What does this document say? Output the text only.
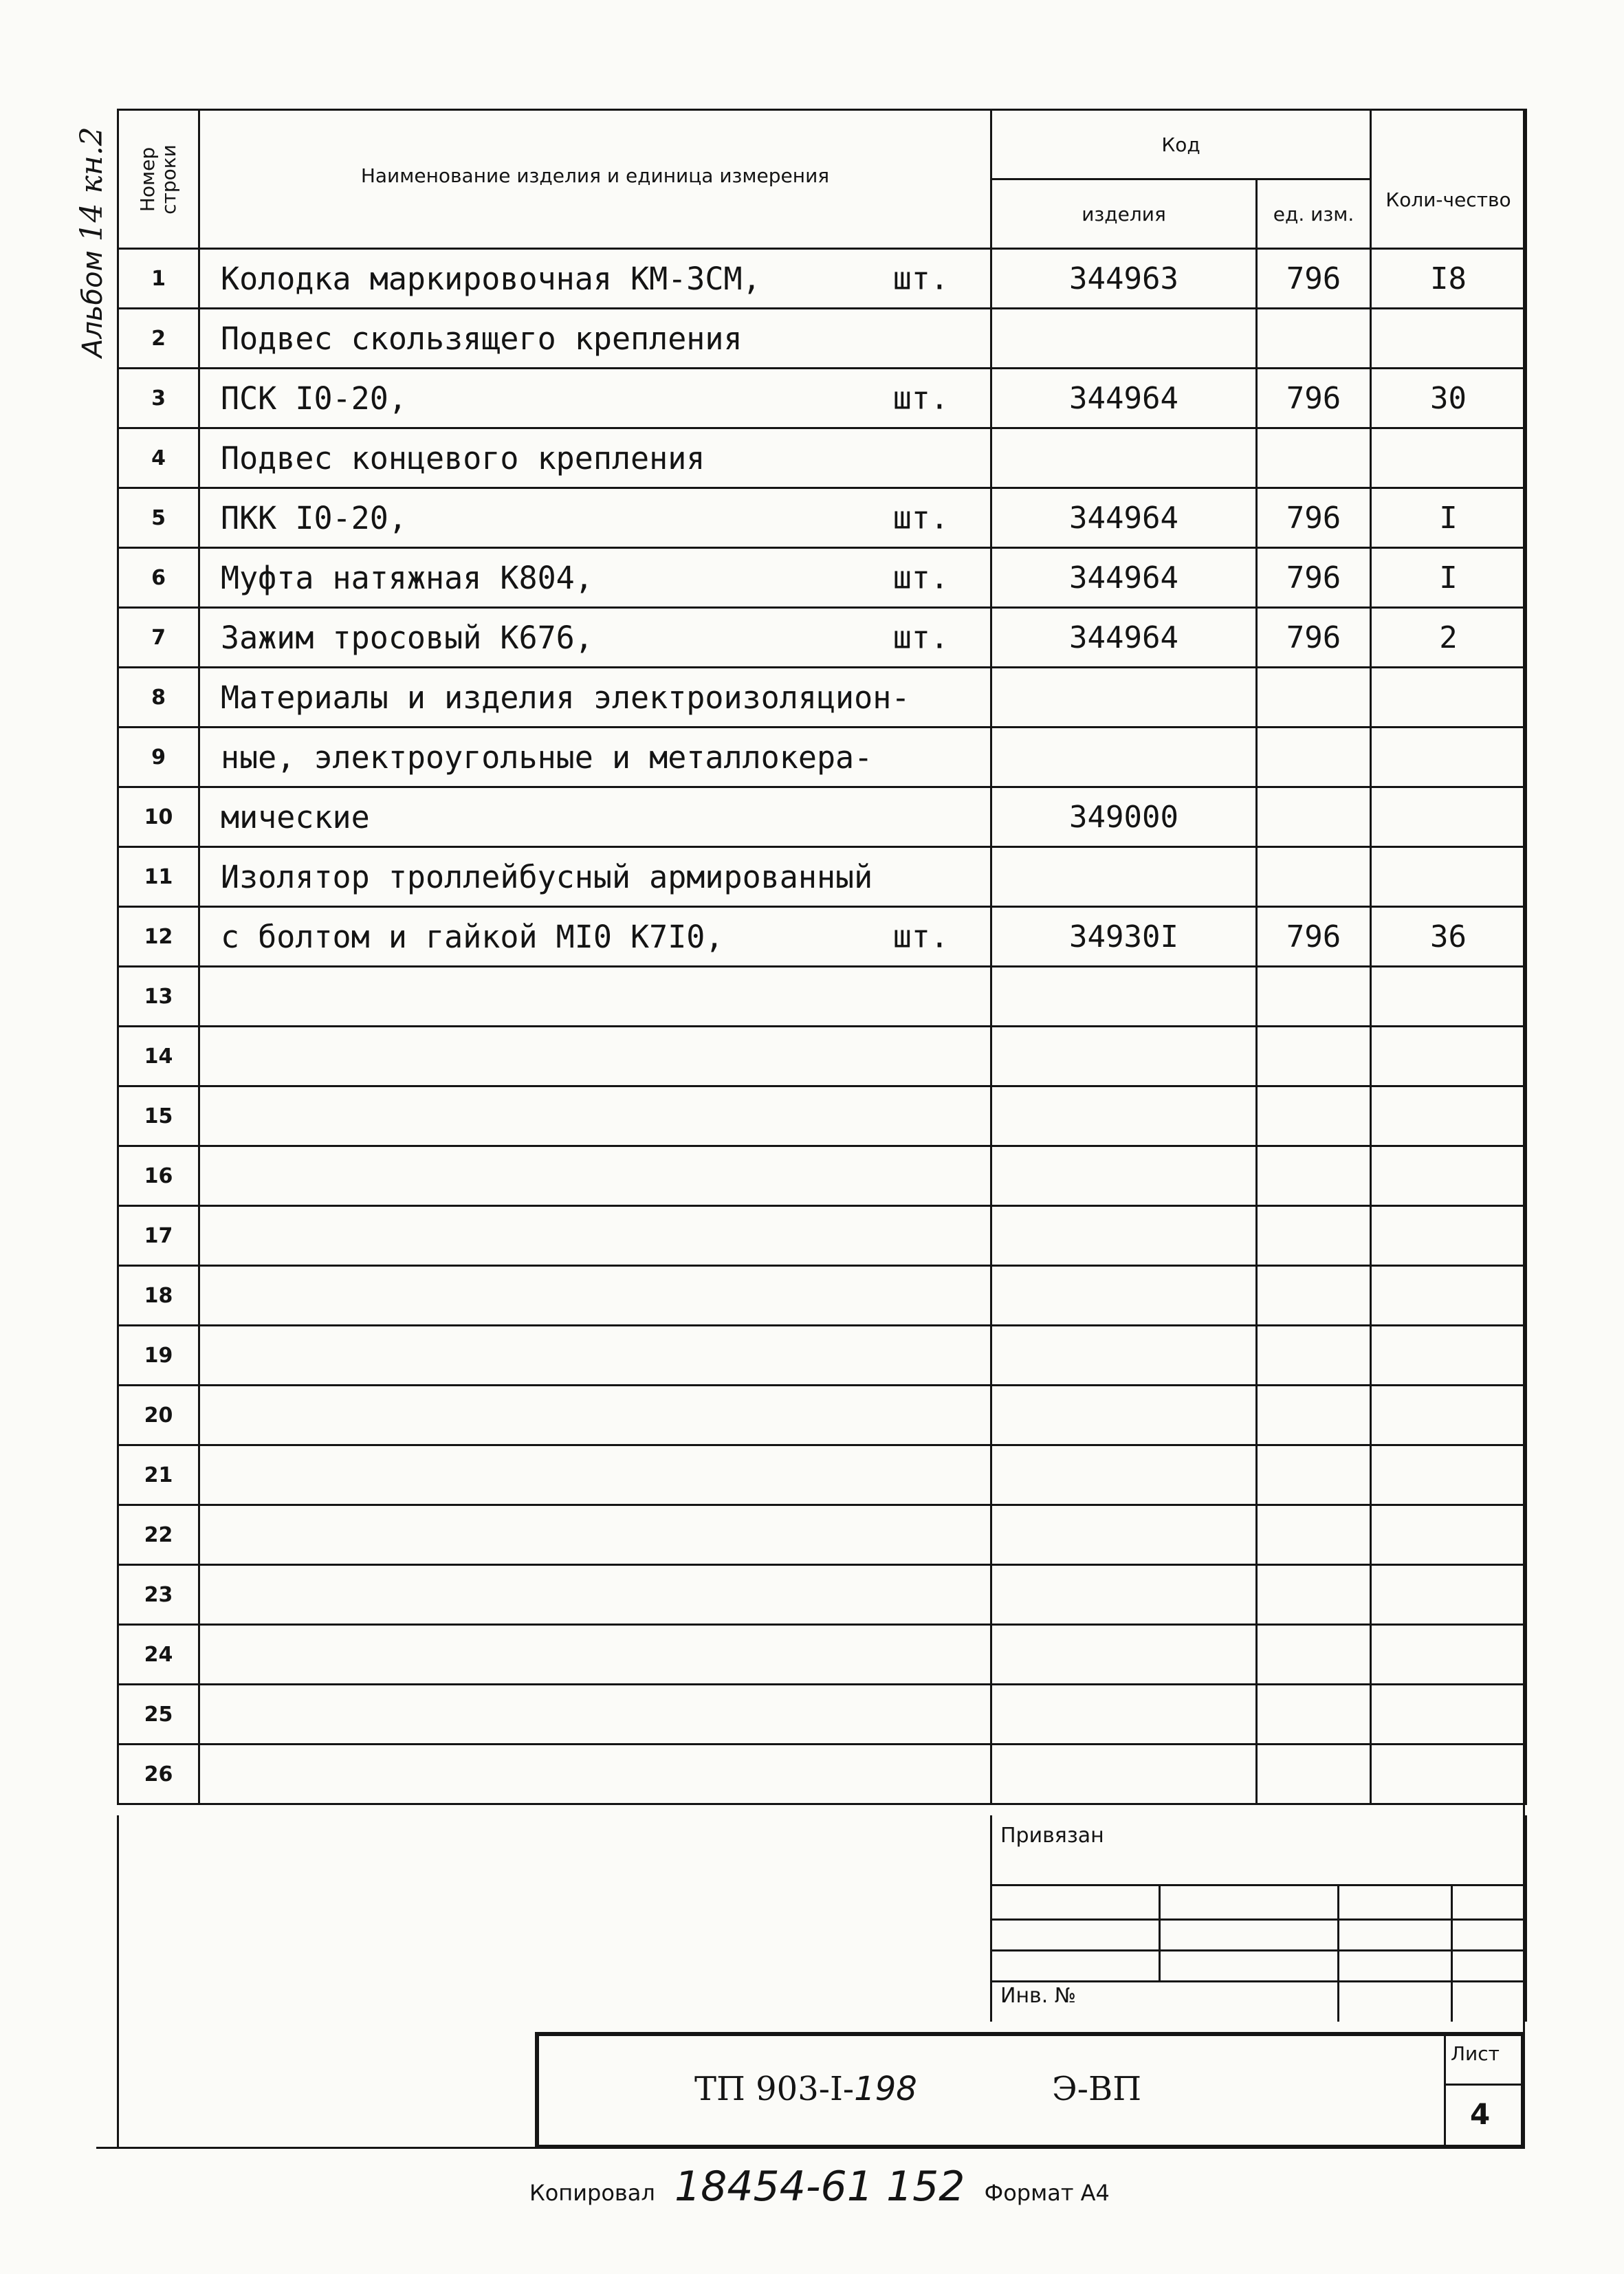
Альбом 14 кн.2 Номер строки	Наименование изделия и единица измерения	Код		Коли-чество
		изделия	ед. изм.	
1	Колодка маркировочная КМ-3СМ, шт.	344963	796	I8
2	Подвес скользящего крепления

3	ПСК I0-20, шт.	344964	796	30
4	Подвес концевого крепления

5	ПКК I0-20, шт.	344964	796	I
6	Муфта натяжная К804, шт.	344964	796	I
7	Зажим тросовый К676, шт.	344964	796	2
8	Материалы и изделия электроизоляцион-

9	ные, электроугольные и металлокера-

10	мические	349000		
11	Изолятор троллейбусный армированный

12	с болтом и гайкой МI0 К7I0, шт.	34930I	796	36
13	

14	

15	

16	

17	

18	

19	

20	

21	

22	

23	

24	

25	

26	

Привязан
Инв. №
ТП 903-I-198	Э-ВП
Лист
4
Копировал 18454-61 152 Формат А4
